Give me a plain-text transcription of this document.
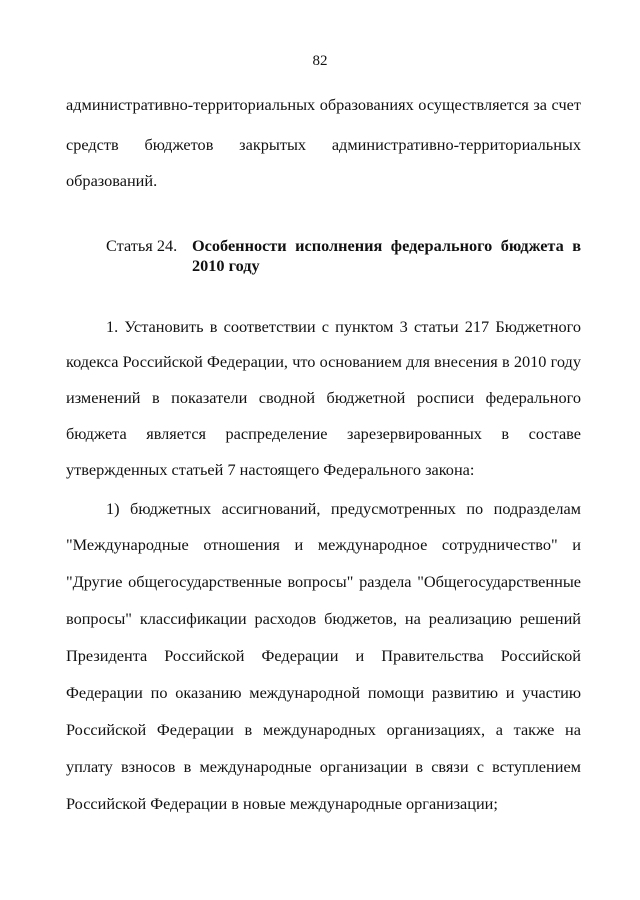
82
административно-территориальных образованиях осуществляется за счет
средств бюджетов закрытых административно-территориальных
образований.
Статья 24. Особенности исполнения федерального бюджета в
2010 году
1. Установить в соответствии с пунктом 3 статьи 217 Бюджетного
кодекса Российской Федерации, что основанием для внесения в 2010 году
изменений в показатели сводной бюджетной росписи федерального
бюджета является распределение зарезервированных в составе
утвержденных статьей 7 настоящего Федерального закона:
1) бюджетных ассигнований, предусмотренных по подразделам
"Международные отношения и международное сотрудничество" и
"Другие общегосударственные вопросы" раздела "Общегосударственные
вопросы" классификации расходов бюджетов, на реализацию решений
Президента Российской Федерации и Правительства Российской
Федерации по оказанию международной помощи развитию и участию
Российской Федерации в международных организациях, а также на
уплату взносов в международные организации в связи с вступлением
Российской Федерации в новые международные организации;
